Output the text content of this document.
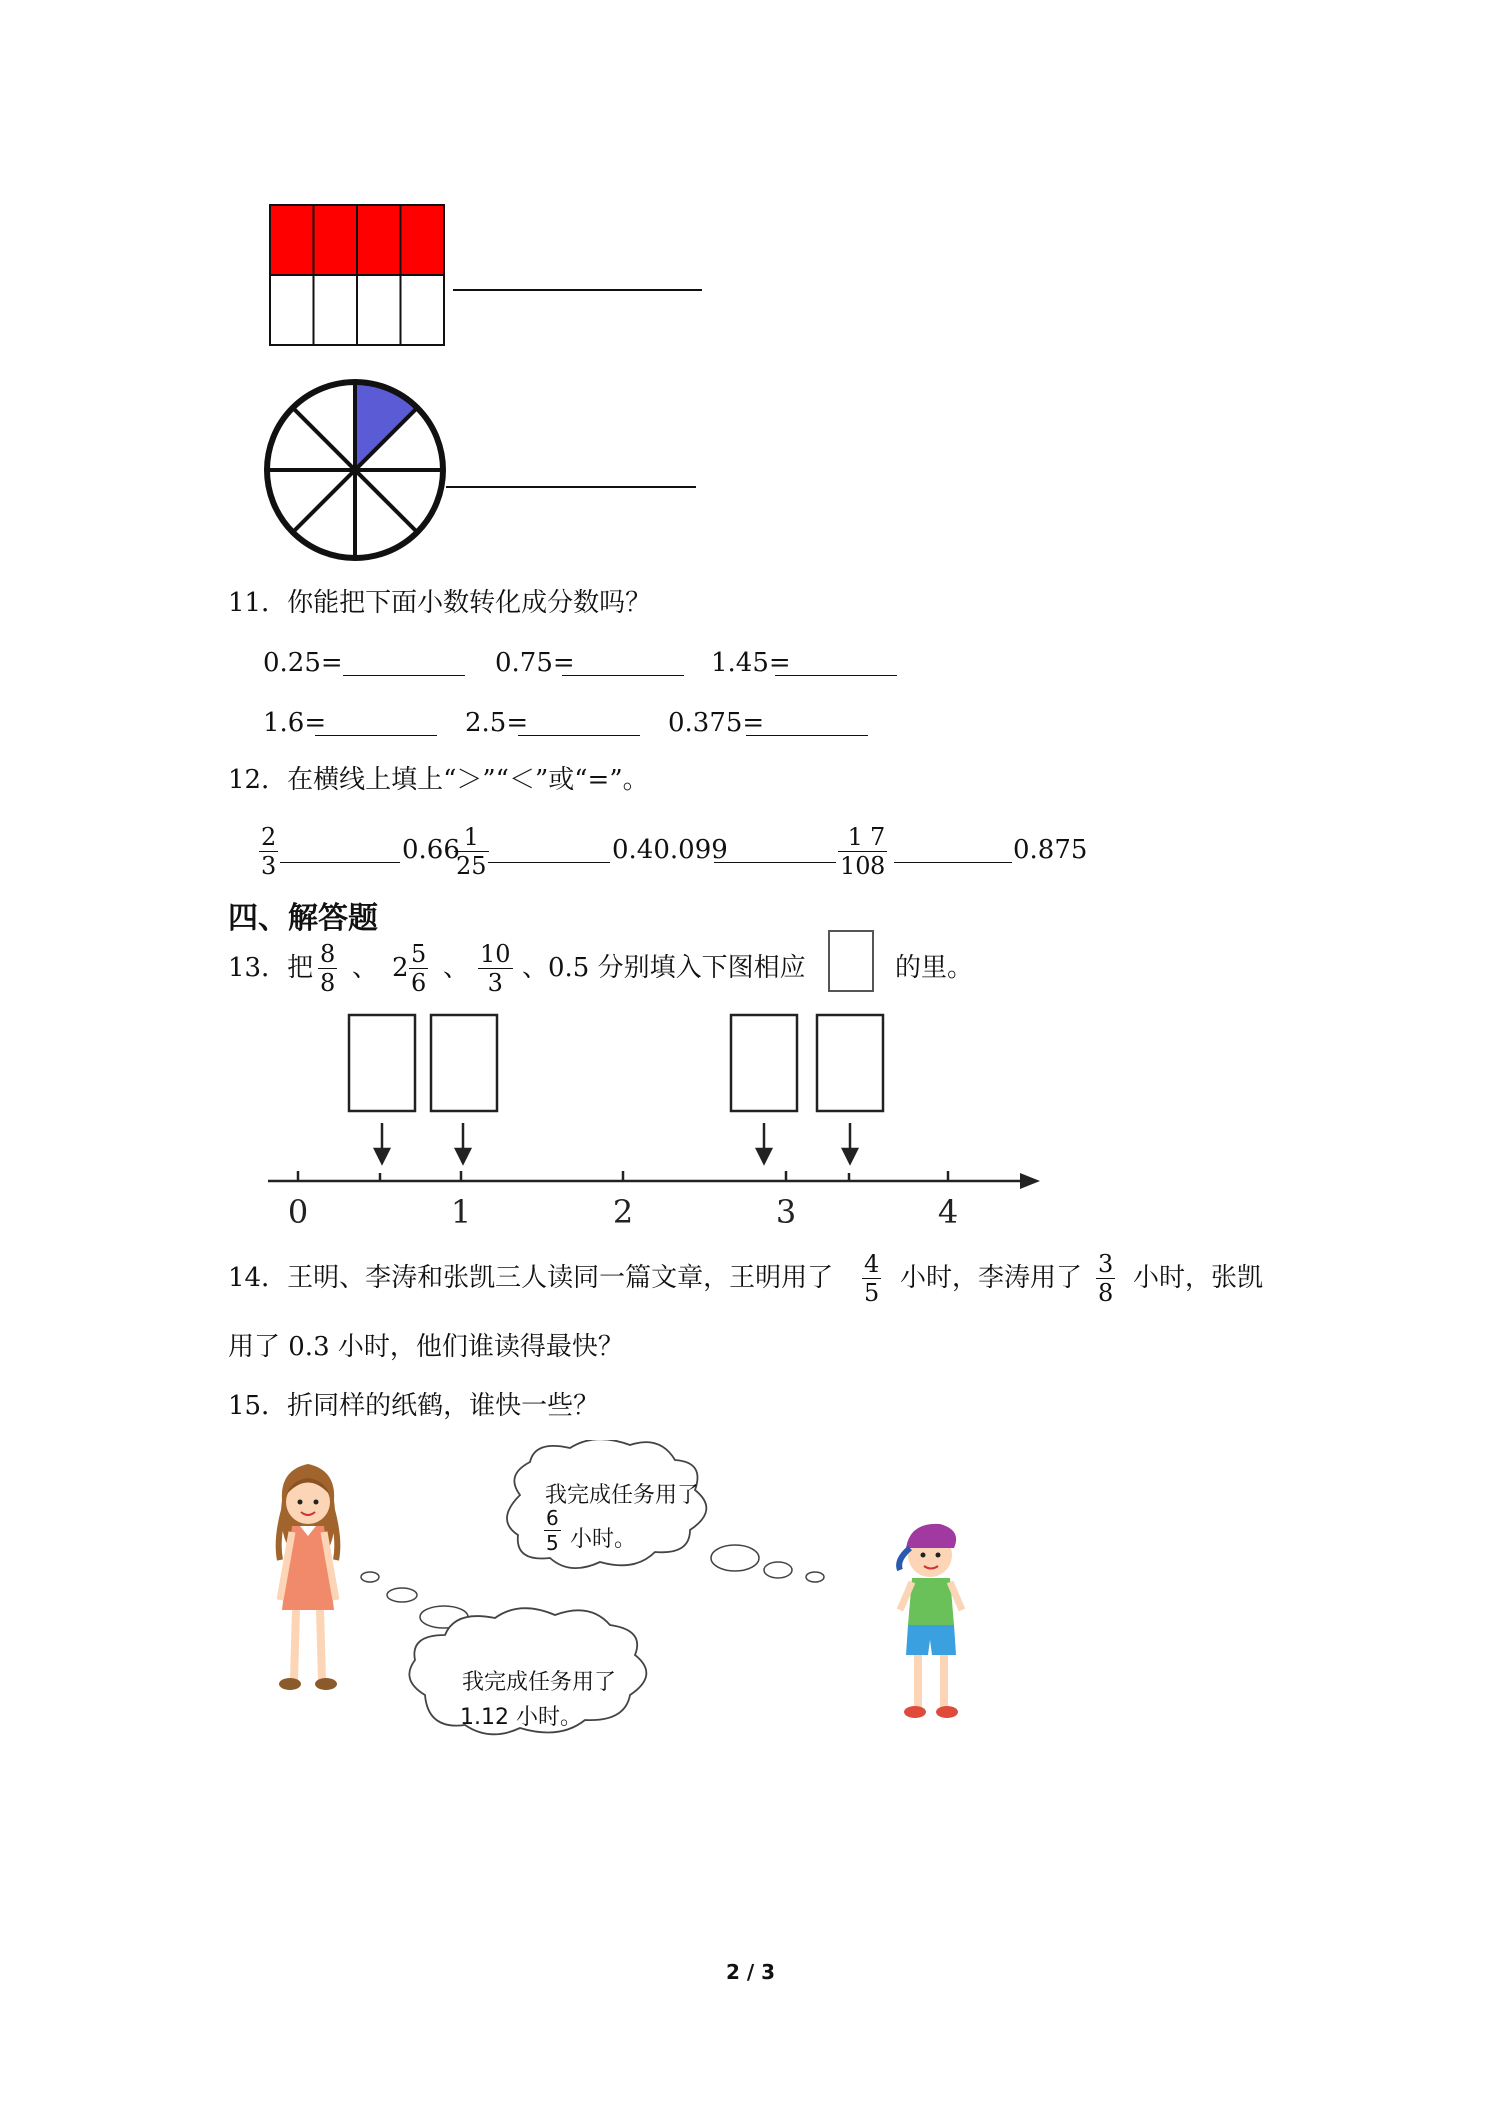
11．你能把下面小数转化成分数吗？
0.25=	0.75=	1.45=
1.6=	2.5=	0.375=
12．在横线上填上“＞”“＜”或“=”。
2
3
0.66 1
25
0.40.099	1
10
7
8
0.875
四、解答题
13．把 8
8 、 2 5
6 、 10
3 、0.5 分别填入下图相应	的里。
0	1	2	3	4
14．王明、李涛和张凯三人读同一篇文章，王明用了 4
5 小时，李涛用了 3
8 小时，张凯
用了 0.3 小时，他们谁读得最快？
15．折同样的纸鹤，谁快一些？
我完成任务用了
6
5 小时。
我完成任务用了
1.12 小时。
2 / 3
